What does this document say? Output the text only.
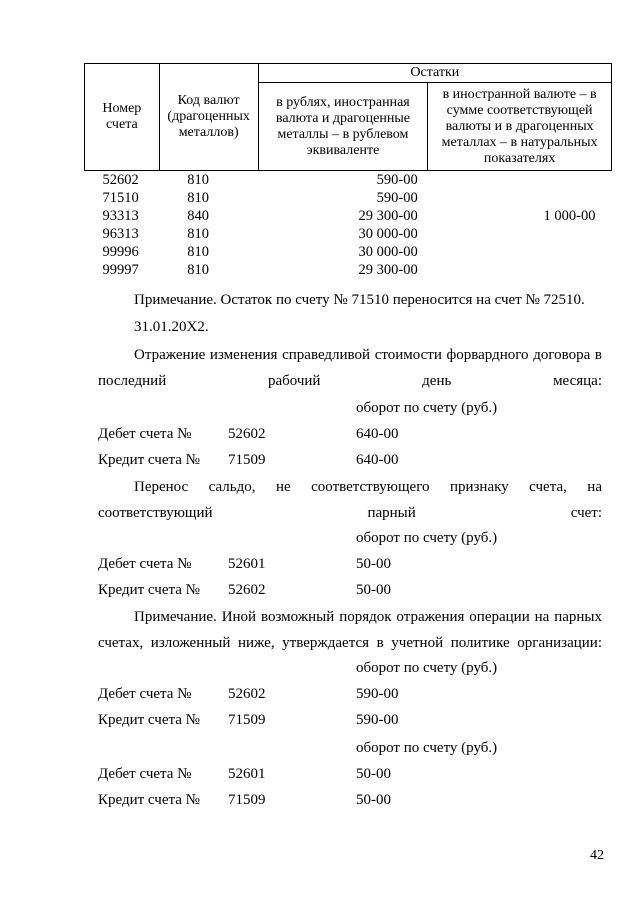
Номер счета	Код валют (драгоценных металлов)	Остатки	
		в рублях, иностранная валюта и драгоценные металлы – в рублевом эквиваленте	в иностранной валюте – в сумме соответствующей валюты и в драгоценных металлах – в натуральных показателях
52602	810	590-00	
71510	810	590-00	
93313	840	29 300-00	1 000-00
96313	810	30 000-00	
99996	810	30 000-00	
99997	810	29 300-00	
Примечание. Остаток по счету № 71510 переносится на счет № 72510.
31.01.20Х2.
Отражение изменения справедливой стоимости форвардного договора в последний рабочий день месяца:
оборот по счету (руб.)
Дебет счета № 52602	640-00
Кредит счета № 71509	640-00
Перенос сальдо, не соответствующего признаку счета, на соответствующий парный счет:
оборот по счету (руб.)
Дебет счета № 52601	50-00
Кредит счета № 52602	50-00
Примечание. Иной возможный порядок отражения операции на парных счетах, изложенный ниже, утверждается в учетной политике организации:
оборот по счету (руб.)
Дебет счета № 52602	590-00
Кредит счета № 71509	590-00
оборот по счету (руб.)
Дебет счета № 52601	50-00
Кредит счета № 71509	50-00
42
